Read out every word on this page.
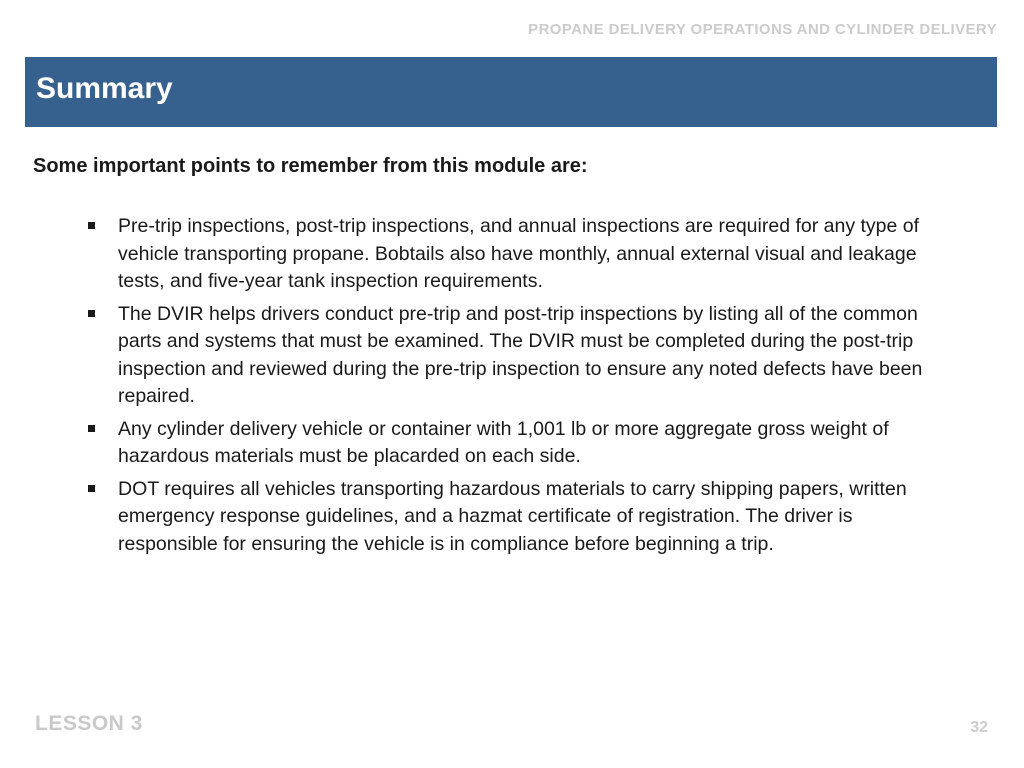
PROPANE DELIVERY OPERATIONS AND CYLINDER DELIVERY
Summary
Some important points to remember from this module are:
Pre-trip inspections, post-trip inspections, and annual inspections are required for any type of vehicle transporting propane. Bobtails also have monthly, annual external visual and leakage tests, and five-year tank inspection requirements.
The DVIR helps drivers conduct pre-trip and post-trip inspections by listing all of the common parts and systems that must be examined. The DVIR must be completed during the post-trip inspection and reviewed during the pre-trip inspection to ensure any noted defects have been repaired.
Any cylinder delivery vehicle or container with 1,001 lb or more aggregate gross weight of hazardous materials must be placarded on each side.
DOT requires all vehicles transporting hazardous materials to carry shipping papers, written emergency response guidelines, and a hazmat certificate of registration. The driver is responsible for ensuring the vehicle is in compliance before beginning a trip.
LESSON 3	32
